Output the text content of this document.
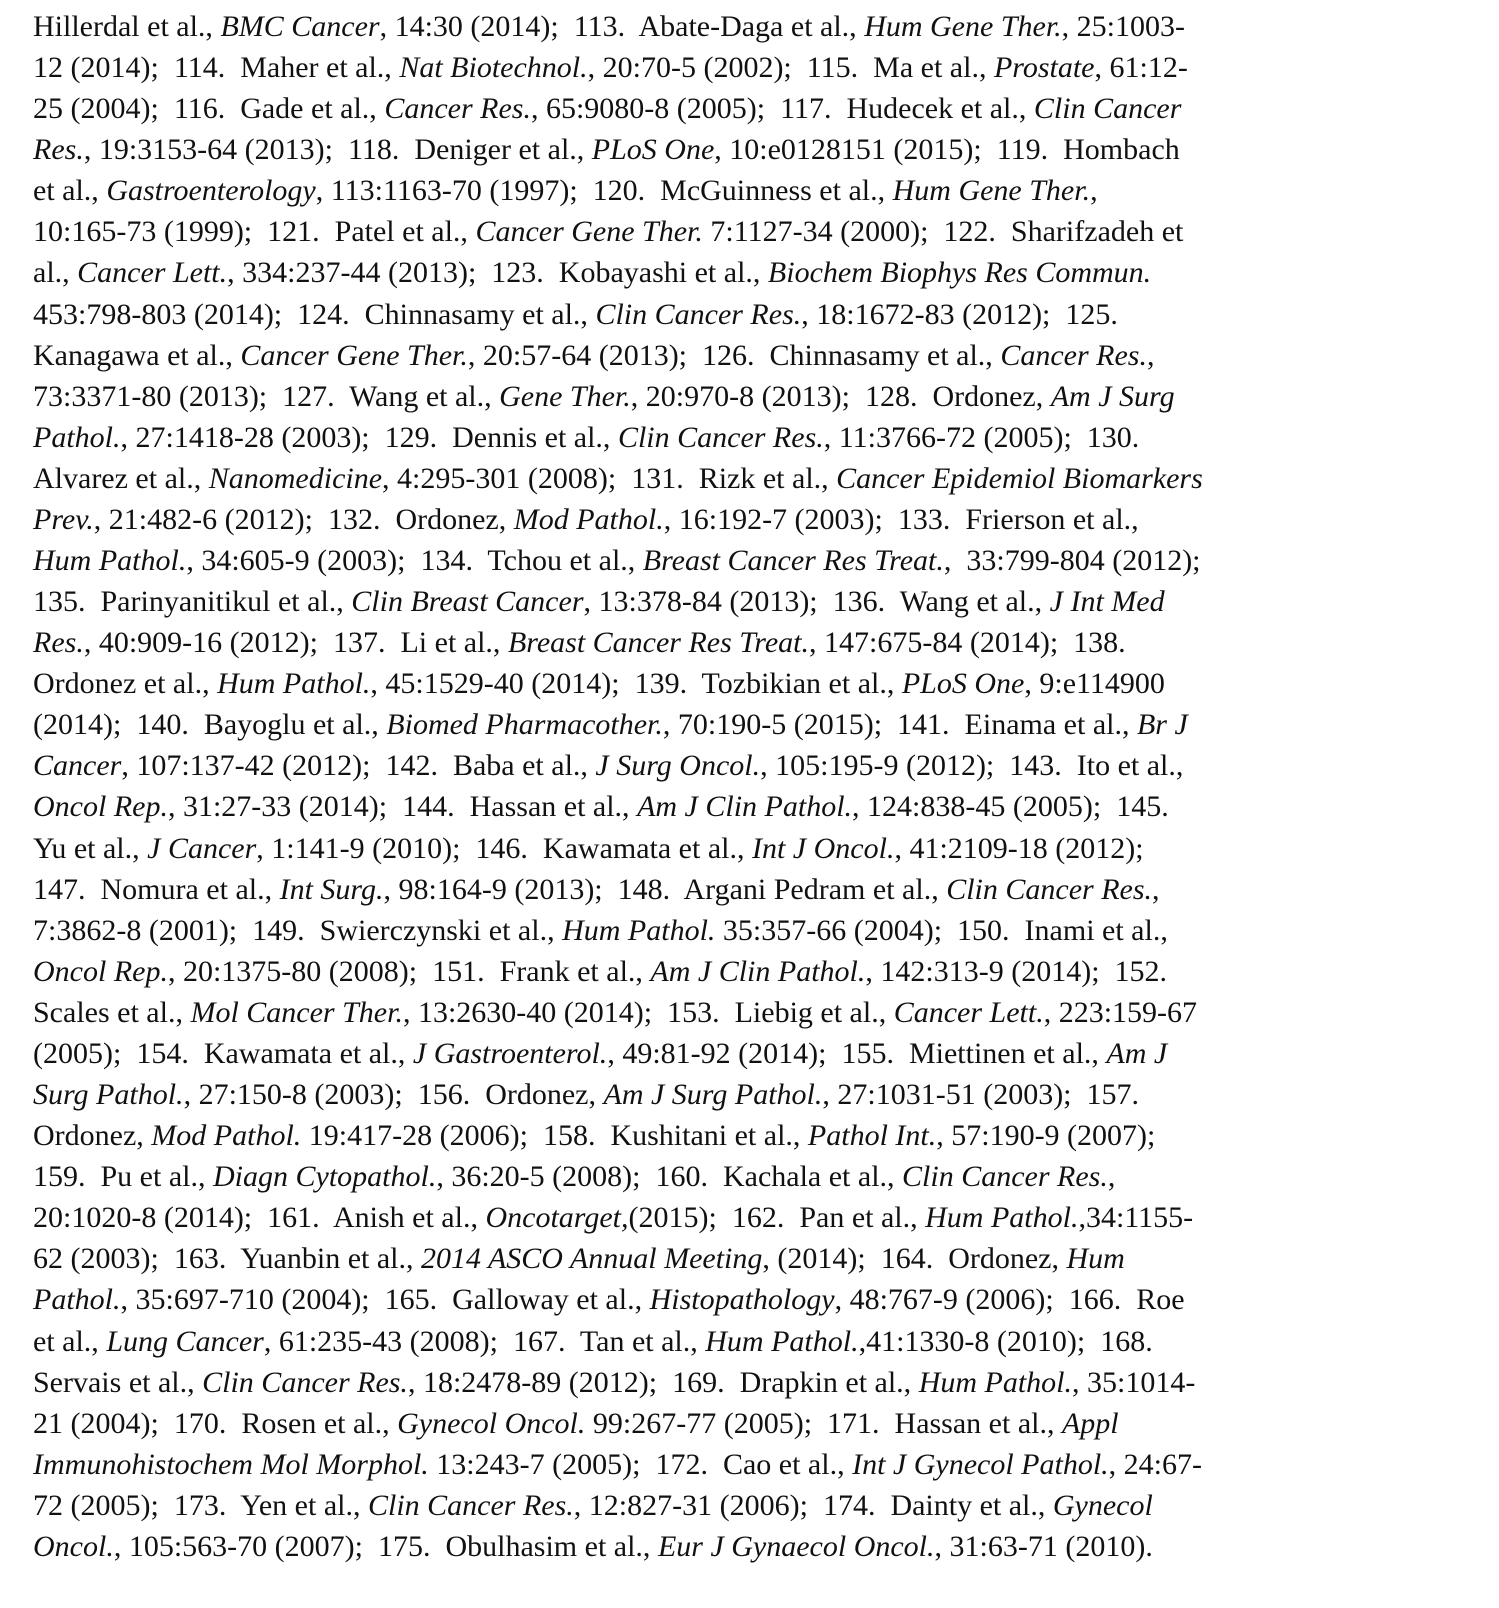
Hillerdal et al., BMC Cancer, 14:30 (2014);  113.  Abate-Daga et al., Hum Gene Ther., 25:1003-
12 (2014);  114.  Maher et al., Nat Biotechnol., 20:70-5 (2002);  115.  Ma et al., Prostate, 61:12-
25 (2004);  116.  Gade et al., Cancer Res., 65:9080-8 (2005);  117.  Hudecek et al., Clin Cancer
Res., 19:3153-64 (2013);  118.  Deniger et al., PLoS One, 10:e0128151 (2015);  119.  Hombach
et al., Gastroenterology, 113:1163-70 (1997);  120.  McGuinness et al., Hum Gene Ther.,
10:165-73 (1999);  121.  Patel et al., Cancer Gene Ther. 7:1127-34 (2000);  122.  Sharifzadeh et
al., Cancer Lett., 334:237-44 (2013);  123.  Kobayashi et al., Biochem Biophys Res Commun.
453:798-803 (2014);  124.  Chinnasamy et al., Clin Cancer Res., 18:1672-83 (2012);  125.
Kanagawa et al., Cancer Gene Ther., 20:57-64 (2013);  126.  Chinnasamy et al., Cancer Res.,
73:3371-80 (2013);  127.  Wang et al., Gene Ther., 20:970-8 (2013);  128.  Ordonez, Am J Surg
Pathol., 27:1418-28 (2003);  129.  Dennis et al., Clin Cancer Res., 11:3766-72 (2005);  130.
Alvarez et al., Nanomedicine, 4:295-301 (2008);  131.  Rizk et al., Cancer Epidemiol Biomarkers
Prev., 21:482-6 (2012);  132.  Ordonez, Mod Pathol., 16:192-7 (2003);  133.  Frierson et al.,
Hum Pathol., 34:605-9 (2003);  134.  Tchou et al., Breast Cancer Res Treat.,  33:799-804 (2012);
135.  Parinyanitikul et al., Clin Breast Cancer, 13:378-84 (2013);  136.  Wang et al., J Int Med
Res., 40:909-16 (2012);  137.  Li et al., Breast Cancer Res Treat., 147:675-84 (2014);  138.
Ordonez et al., Hum Pathol., 45:1529-40 (2014);  139.  Tozbikian et al., PLoS One, 9:e114900
(2014);  140.  Bayoglu et al., Biomed Pharmacother., 70:190-5 (2015);  141.  Einama et al., Br J
Cancer, 107:137-42 (2012);  142.  Baba et al., J Surg Oncol., 105:195-9 (2012);  143.  Ito et al.,
Oncol Rep., 31:27-33 (2014);  144.  Hassan et al., Am J Clin Pathol., 124:838-45 (2005);  145.
Yu et al., J Cancer, 1:141-9 (2010);  146.  Kawamata et al., Int J Oncol., 41:2109-18 (2012);
147.  Nomura et al., Int Surg., 98:164-9 (2013);  148.  Argani Pedram et al., Clin Cancer Res.,
7:3862-8 (2001);  149.  Swierczynski et al., Hum Pathol. 35:357-66 (2004);  150.  Inami et al.,
Oncol Rep., 20:1375-80 (2008);  151.  Frank et al., Am J Clin Pathol., 142:313-9 (2014);  152.
Scales et al., Mol Cancer Ther., 13:2630-40 (2014);  153.  Liebig et al., Cancer Lett., 223:159-67
(2005);  154.  Kawamata et al., J Gastroenterol., 49:81-92 (2014);  155.  Miettinen et al., Am J
Surg Pathol., 27:150-8 (2003);  156.  Ordonez, Am J Surg Pathol., 27:1031-51 (2003);  157.
Ordonez, Mod Pathol. 19:417-28 (2006);  158.  Kushitani et al., Pathol Int., 57:190-9 (2007);
159.  Pu et al., Diagn Cytopathol., 36:20-5 (2008);  160.  Kachala et al., Clin Cancer Res.,
20:1020-8 (2014);  161.  Anish et al., Oncotarget,(2015);  162.  Pan et al., Hum Pathol.,34:1155-
62 (2003);  163.  Yuanbin et al., 2014 ASCO Annual Meeting, (2014);  164.  Ordonez, Hum
Pathol., 35:697-710 (2004);  165.  Galloway et al., Histopathology, 48:767-9 (2006);  166.  Roe
et al., Lung Cancer, 61:235-43 (2008);  167.  Tan et al., Hum Pathol.,41:1330-8 (2010);  168.
Servais et al., Clin Cancer Res., 18:2478-89 (2012);  169.  Drapkin et al., Hum Pathol., 35:1014-
21 (2004);  170.  Rosen et al., Gynecol Oncol. 99:267-77 (2005);  171.  Hassan et al., Appl
Immunohistochem Mol Morphol. 13:243-7 (2005);  172.  Cao et al., Int J Gynecol Pathol., 24:67-
72 (2005);  173.  Yen et al., Clin Cancer Res., 12:827-31 (2006);  174.  Dainty et al., Gynecol
Oncol., 105:563-70 (2007);  175.  Obulhasim et al., Eur J Gynaecol Oncol., 31:63-71 (2010).
